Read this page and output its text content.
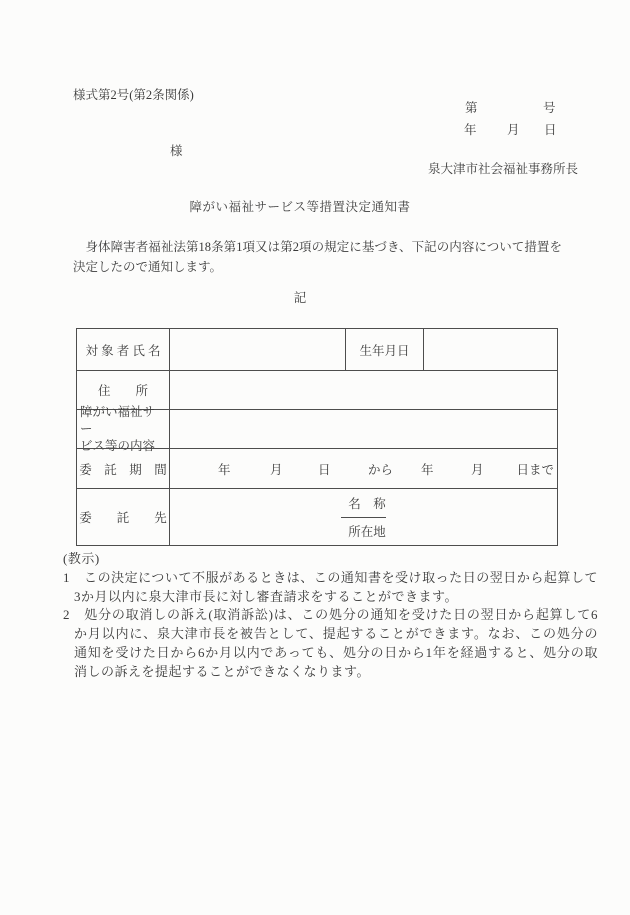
様式第2号(第2条関係)
第	号
年 月 日
様
泉大津市社会福祉事務所長
障がい福祉サービス等措置決定通知書
身体障害者福祉法第18条第1項又は第2項の規定に基づき、下記の内容について措置を決定したので通知します。
記
対 象 者 氏 名	生年月日
住　　所
障がい福祉サー
ビス等の内容
委　託　期　間	年	月	日	から 年	月	日まで
委　　託　　先
名　称
所在地
(教示)
1 この決定について不服があるときは、この通知書を受け取った日の翌日から起算して3か月以内に泉大津市長に対し審査請求をすることができます。
2 処分の取消しの訴え(取消訴訟)は、この処分の通知を受けた日の翌日から起算して6か月以内に、泉大津市長を被告として、提起することができます。なお、この処分の通知を受けた日から6か月以内であっても、処分の日から1年を経過すると、処分の取消しの訴えを提起することができなくなります。
